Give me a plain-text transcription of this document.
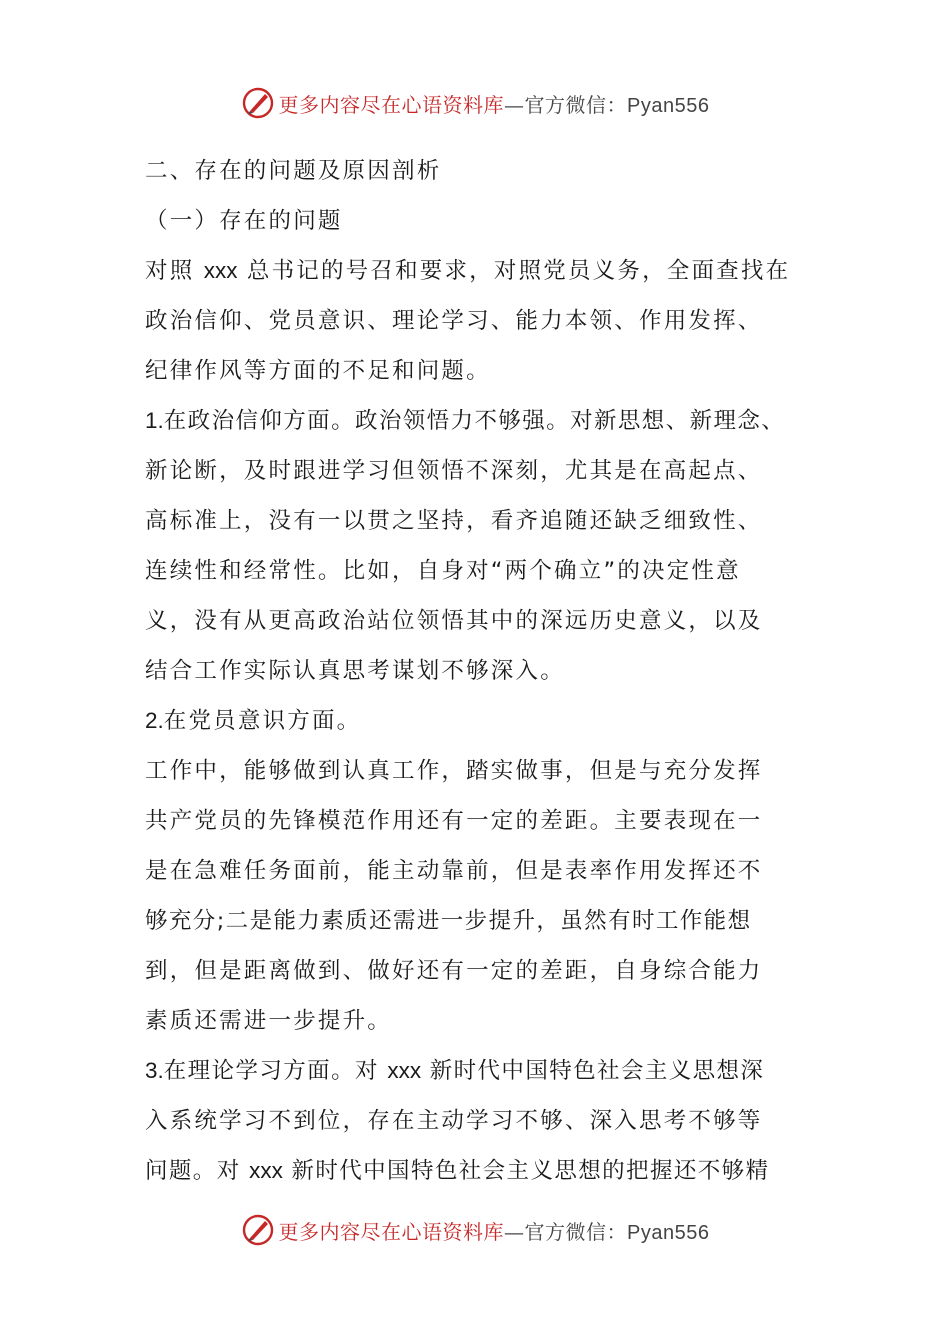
更多内容尽在心语资料库—官方微信：Pyan556
二、存在的问题及原因剖析
（一）存在的问题
对照 xxx 总书记的号召和要求，对照党员义务，全面查找在
政治信仰、党员意识、理论学习、能力本领、作用发挥、
纪律作风等方面的不足和问题。
1.在政治信仰方面。政治领悟力不够强。对新思想、新理念、
新论断，及时跟进学习但领悟不深刻，尤其是在高起点、
高标准上，没有一以贯之坚持，看齐追随还缺乏细致性、
连续性和经常性。比如，自身对“两个确立”的决定性意
义，没有从更高政治站位领悟其中的深远历史意义，以及
结合工作实际认真思考谋划不够深入。
2.在党员意识方面。
工作中，能够做到认真工作，踏实做事，但是与充分发挥
共产党员的先锋模范作用还有一定的差距。主要表现在一
是在急难任务面前，能主动靠前，但是表率作用发挥还不
够充分;二是能力素质还需进一步提升，虽然有时工作能想
到，但是距离做到、做好还有一定的差距，自身综合能力
素质还需进一步提升。
3.在理论学习方面。对 xxx 新时代中国特色社会主义思想深
入系统学习不到位，存在主动学习不够、深入思考不够等
问题。对 xxx 新时代中国特色社会主义思想的把握还不够精
更多内容尽在心语资料库—官方微信：Pyan556
